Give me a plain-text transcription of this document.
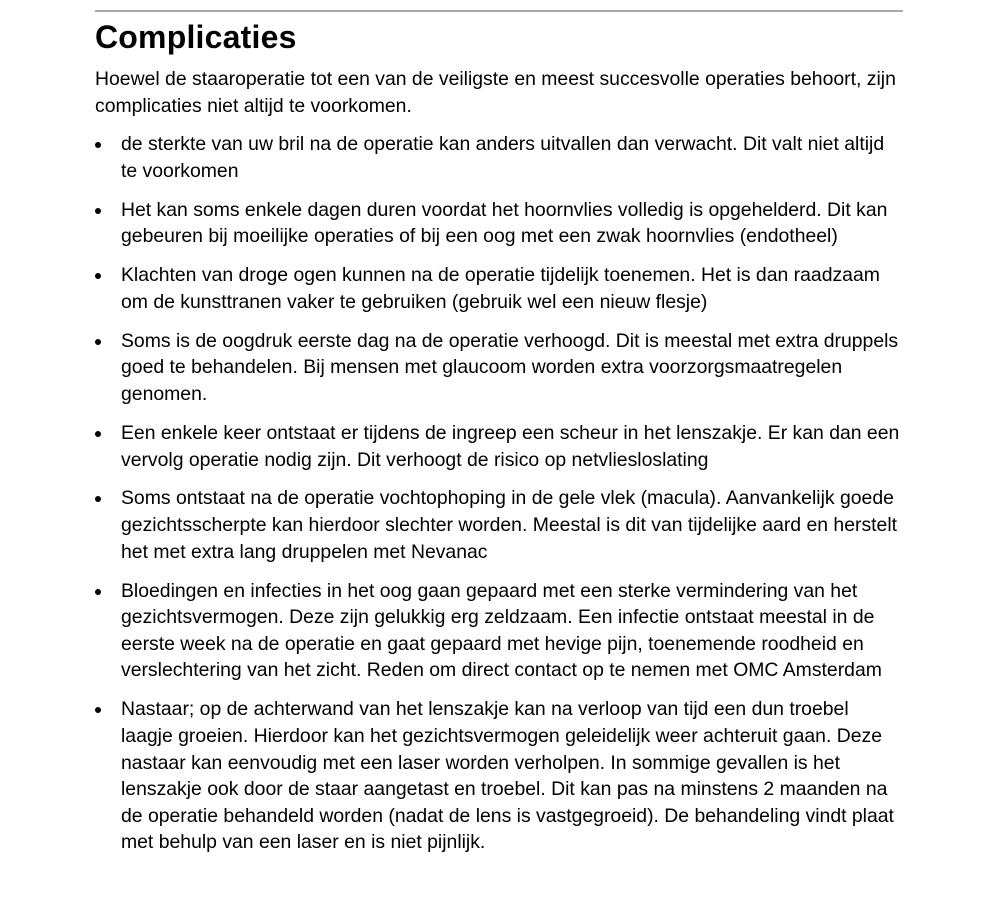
Complicaties

Hoewel de staaroperatie tot een van de veiligste en meest succesvolle operaties behoort, zijn complicaties niet altijd te voorkomen.

de sterkte van uw bril na de operatie kan anders uitvallen dan verwacht. Dit valt niet altijd te voorkomen
Het kan soms enkele dagen duren voordat het hoornvlies volledig is opgehelderd. Dit kan gebeuren bij moeilijke operaties of bij een oog met een zwak hoornvlies (endotheel)
Klachten van droge ogen kunnen na de operatie tijdelijk toenemen. Het is dan raadzaam om de kunsttranen vaker te gebruiken (gebruik wel een nieuw flesje)
Soms is de oogdruk eerste dag na de operatie verhoogd. Dit is meestal met extra druppels goed te behandelen. Bij mensen met glaucoom worden extra voorzorgsmaatregelen genomen.
Een enkele keer ontstaat er tijdens de ingreep een scheur in het lenszakje. Er kan dan een vervolg operatie nodig zijn. Dit verhoogt de risico op netvliesloslating
Soms ontstaat na de operatie vochtophoping in de gele vlek (macula). Aanvankelijk goede gezichtsscherpte kan hierdoor slechter worden. Meestal is dit van tijdelijke aard en herstelt het met extra lang druppelen met Nevanac
Bloedingen en infecties in het oog gaan gepaard met een sterke vermindering van het gezichtsvermogen. Deze zijn gelukkig erg zeldzaam. Een infectie ontstaat meestal in de eerste week na de operatie en gaat gepaard met hevige pijn, toenemende roodheid en verslechtering van het zicht. Reden om direct contact op te nemen met OMC Amsterdam
Nastaar; op de achterwand van het lenszakje kan na verloop van tijd een dun troebel laagje groeien. Hierdoor kan het gezichtsvermogen geleidelijk weer achteruit gaan. Deze nastaar kan eenvoudig met een laser worden verholpen. In sommige gevallen is het lenszakje ook door de staar aangetast en troebel. Dit kan pas na minstens 2 maanden na de operatie behandeld worden (nadat de lens is vastgegroeid). De behandeling vindt plaat met behulp van een laser en is niet pijnlijk.
